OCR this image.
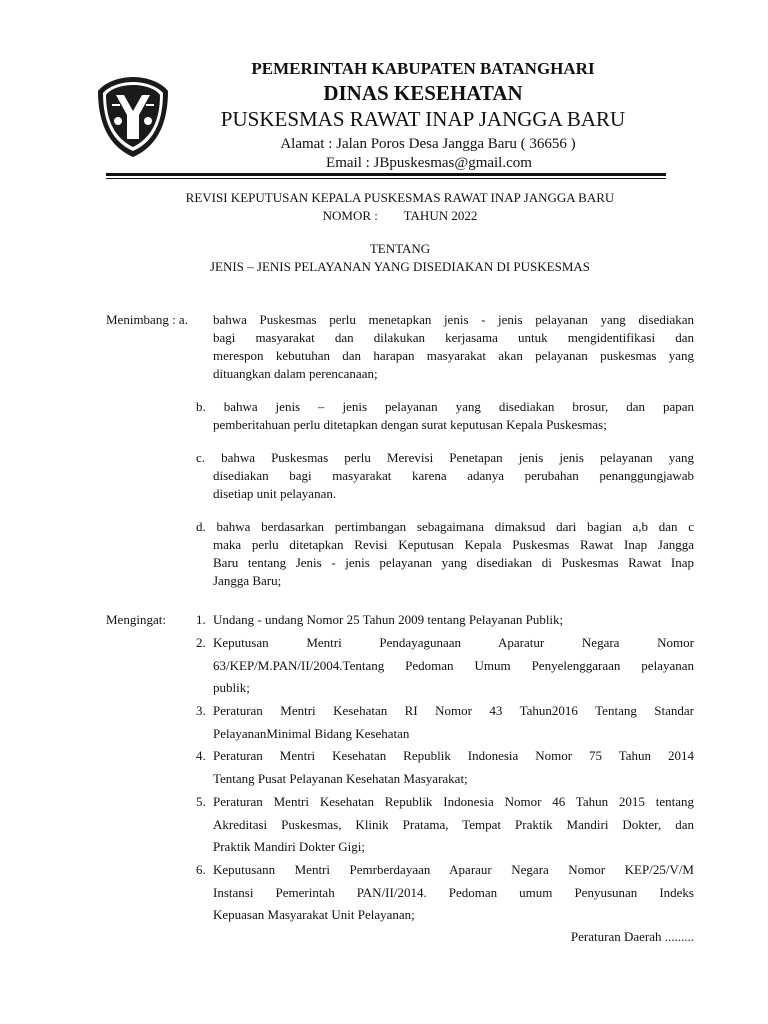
PEMERINTAH KABUPATEN BATANGHARI
DINAS KESEHATAN
PUSKESMAS RAWAT INAP JANGGA BARU
Alamat : Jalan Poros Desa Jangga Baru ( 36656 )
Email : JBpuskesmas@gmail.com
REVISI KEPUTUSAN KEPALA PUSKESMAS RAWAT INAP JANGGA BARU
NOMOR :        TAHUN 2022
TENTANG
JENIS – JENIS PELAYANAN YANG DISEDIAKAN DI PUSKESMAS
Menimbang : a. bahwa Puskesmas perlu menetapkan jenis - jenis pelayanan yang disediakan
bagi masyarakat dan dilakukan kerjasama untuk mengidentifikasi dan
merespon kebutuhan dan harapan masyarakat akan pelayanan puskesmas yang
dituangkan dalam perencanaan;
b. bahwa jenis – jenis pelayanan yang disediakan brosur, dan papan
pemberitahuan perlu ditetapkan dengan surat keputusan Kepala Puskesmas;
c. bahwa Puskesmas perlu Merevisi Penetapan jenis jenis pelayanan yang
disediakan bagi masyarakat karena adanya perubahan penanggungjawab
disetiap unit pelayanan.
d. bahwa berdasarkan pertimbangan sebagaimana dimaksud dari bagian a,b dan c
maka perlu ditetapkan Revisi Keputusan Kepala Puskesmas Rawat Inap Jangga
Baru tentang Jenis - jenis pelayanan yang disediakan di Puskesmas Rawat Inap
Jangga Baru;
Mengingat: 1. Undang - undang Nomor 25 Tahun 2009 tentang Pelayanan Publik;
2. Keputusan Mentri Pendayagunaan Aparatur Negara Nomor
63/KEP/M.PAN/II/2004.Tentang Pedoman Umum Penyelenggaraan pelayanan
publik;
3. Peraturan Mentri Kesehatan RI Nomor 43 Tahun2016 Tentang Standar
PelayananMinimal Bidang Kesehatan
4. Peraturan Mentri Kesehatan Republik Indonesia Nomor 75 Tahun 2014
Tentang Pusat Pelayanan Kesehatan Masyarakat;
5. Peraturan Mentri Kesehatan Republik Indonesia Nomor 46 Tahun 2015 tentang
Akreditasi Puskesmas, Klinik Pratama, Tempat Praktik Mandiri Dokter, dan
Praktik Mandiri Dokter Gigi;
6. Keputusann Mentri Pemrberdayaan Aparaur Negara Nomor KEP/25/V/M
Instansi Pemerintah PAN/II/2014. Pedoman umum Penyusunan Indeks
Kepuasan Masyarakat Unit Pelayanan;
Peraturan Daerah .........
